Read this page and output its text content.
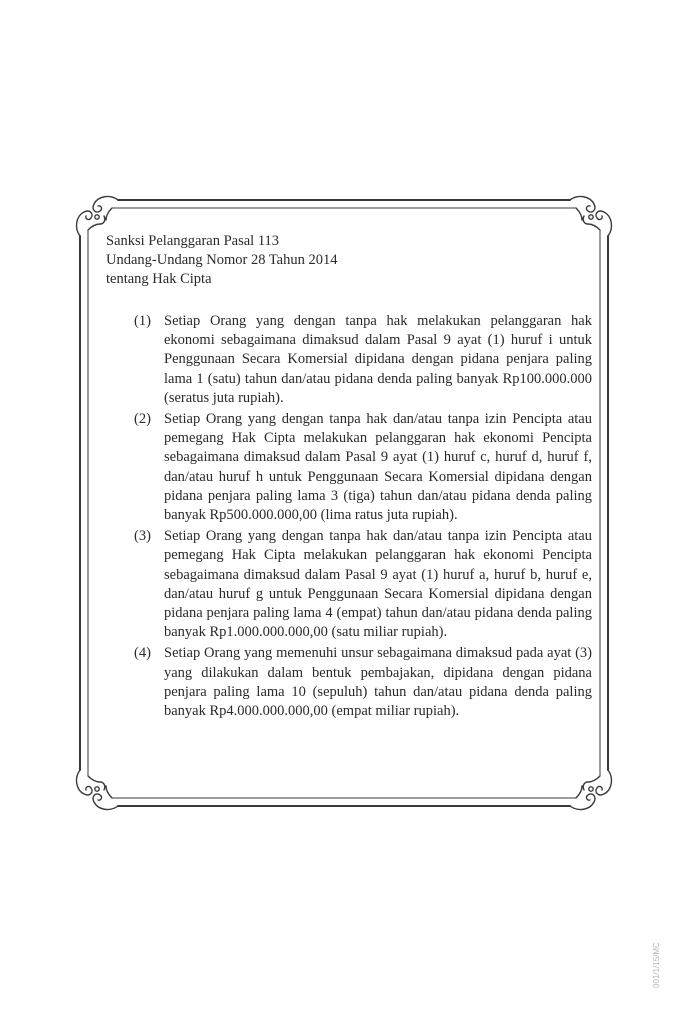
Sanksi Pelanggaran Pasal 113
Undang-Undang Nomor 28 Tahun 2014
tentang Hak Cipta
(1) Setiap Orang yang dengan tanpa hak melakukan pelanggaran hak ekonomi sebagaimana dimaksud dalam Pasal 9 ayat (1) huruf i untuk Penggunaan Secara Komersial dipidana dengan pidana penjara paling lama 1 (satu) tahun dan/atau pidana denda paling banyak Rp100.000.000 (seratus juta rupiah).
(2) Setiap Orang yang dengan tanpa hak dan/atau tanpa izin Pencipta atau pemegang Hak Cipta melakukan pelanggaran hak ekonomi Pencipta sebagaimana dimaksud dalam Pasal 9 ayat (1) huruf c, huruf d, huruf f, dan/atau huruf h untuk Penggunaan Secara Komersial dipidana dengan pidana penjara paling lama 3 (tiga) tahun dan/atau pidana denda paling banyak Rp500.000.000,00 (lima ratus juta rupiah).
(3) Setiap Orang yang dengan tanpa hak dan/atau tanpa izin Pencipta atau pemegang Hak Cipta melakukan pelanggaran hak ekonomi Pencipta sebagaimana dimaksud dalam Pasal 9 ayat (1) huruf a, huruf b, huruf e, dan/atau huruf g untuk Penggunaan Secara Komersial dipidana dengan pidana penjara paling lama 4 (empat) tahun dan/atau pidana denda paling banyak Rp1.000.000.000,00 (satu miliar rupiah).
(4) Setiap Orang yang memenuhi unsur sebagaimana dimaksud pada ayat (3) yang dilakukan dalam bentuk pembajakan, dipidana dengan pidana penjara paling lama 10 (sepuluh) tahun dan/atau pidana denda paling banyak Rp4.000.000.000,00 (empat miliar rupiah).
001/1/15/MC
